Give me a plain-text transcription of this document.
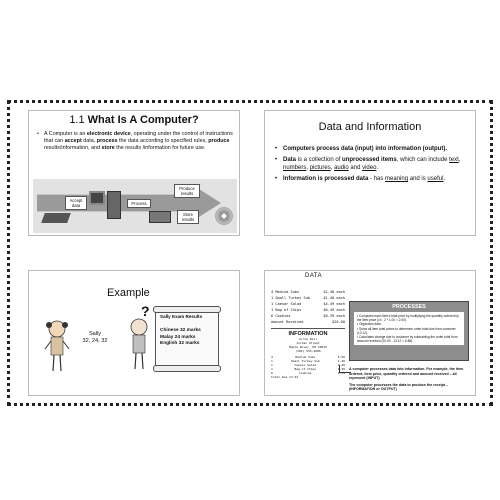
1.1 What Is A Computer?
• A Computer is an electronic device, operating under the control of instructions that can accept data, process the data according to specified rules, produce results/information, and store the results /information for future use.
Accept data	Process
Produce results
Store results
Data and Information
• Computers process data (input) into information (output).
• Data is a collection of unprocessed items, which can include text, numbers, pictures, audio and video.
• Information is processed data - has meaning and is useful.
Example
Sally
32, 24, 32
? Sally Exam Results
Chinese 32 marks
Malay 24 marks
English 32 marks
DATA
4 Medium Subs	$1.40 each
1 Small Turkey Sub	$1.40 each
1 Caesar Salad	$4.49 each
1 Bag of Chips	$0.49 each
6 Cookies	$0.39 each
Amount Received	$20.00
INFORMATION
Arrow Deli
Jordan Street
Maple River, DE 20015
(302) 555-2686
4	Medium Subs	5.56
1	Small Turkey Sub	1.40
1	Caesar Salad	4.49
1	Bag of Chips	0.49
6	Cookies	2.34
Total Due 13.52
PROCESSES
• Computes each item's total price by multiplying the quantity ordered by the item price (i.e., 2 * 1.00 = 2.00).
• Organizes data.
• Sums all item total prices to determine order total due from customer (13.12).
• Calculates change due to customer by subtracting the order total from amount received (20.00 - 13.12 = 6.88).

A computer processes data into information. For example, the item ordered, item price, quantity ordered and amount received – all represent (INPUT)

The computer processes the data to produce the receipt – (INFORMATION or OUTPUT)
